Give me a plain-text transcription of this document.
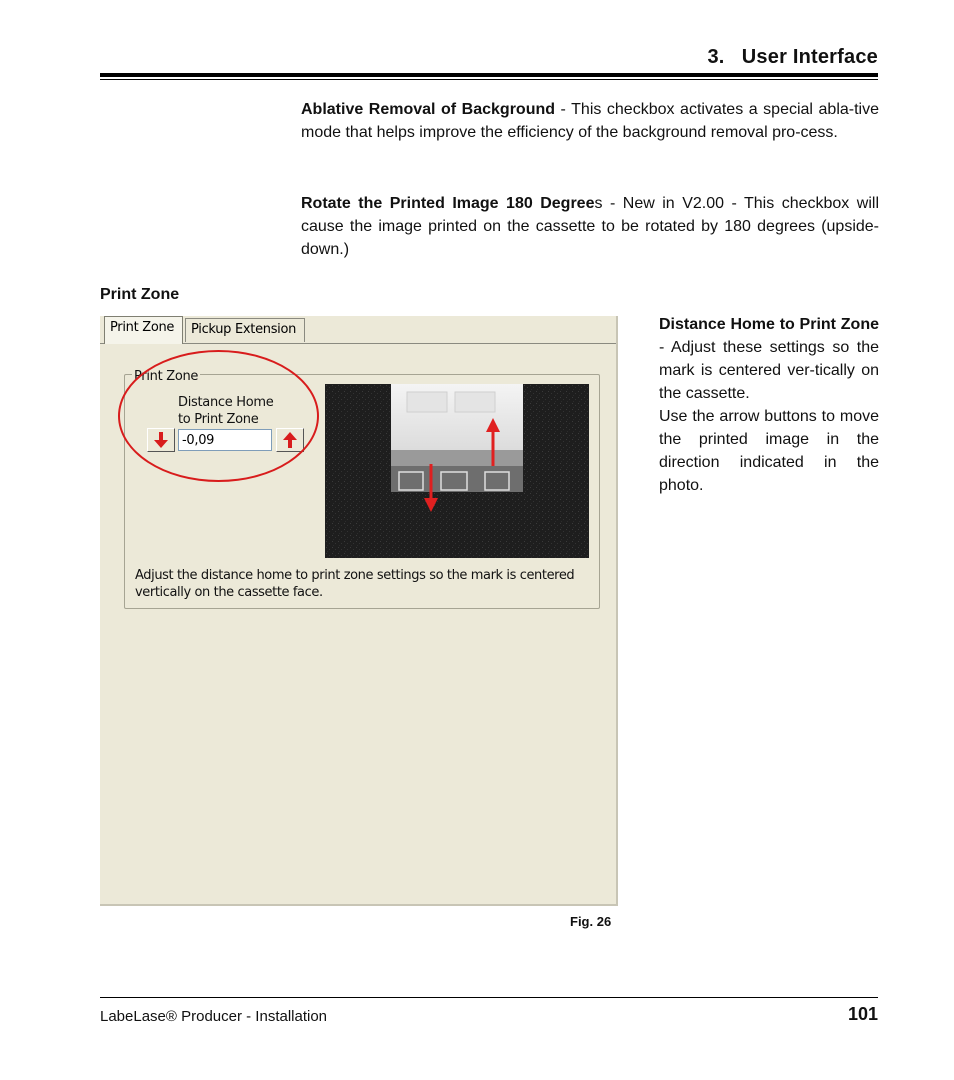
3.   User Interface

Ablative Removal of Background - This checkbox activates a special abla-tive mode that helps improve the efficiency of the background removal pro-cess.

Rotate the Printed Image 180 Degrees - New in V2.00 - This checkbox will cause the image printed on the cassette to be rotated by 180 degrees (upside-down.)

Print Zone
Print Zone	Pickup Extension
Print Zone
Distance Home
to Print Zone
-0,09
Adjust the distance home to print zone settings so the mark is centered vertically on the cassette face.
Distance Home to Print Zone - Adjust these settings so the mark is centered ver-tically on the cassette.
Use the arrow buttons to move the printed image in the direction indicated in the photo.
Fig. 26
LabeLase® Producer - Installation	101
